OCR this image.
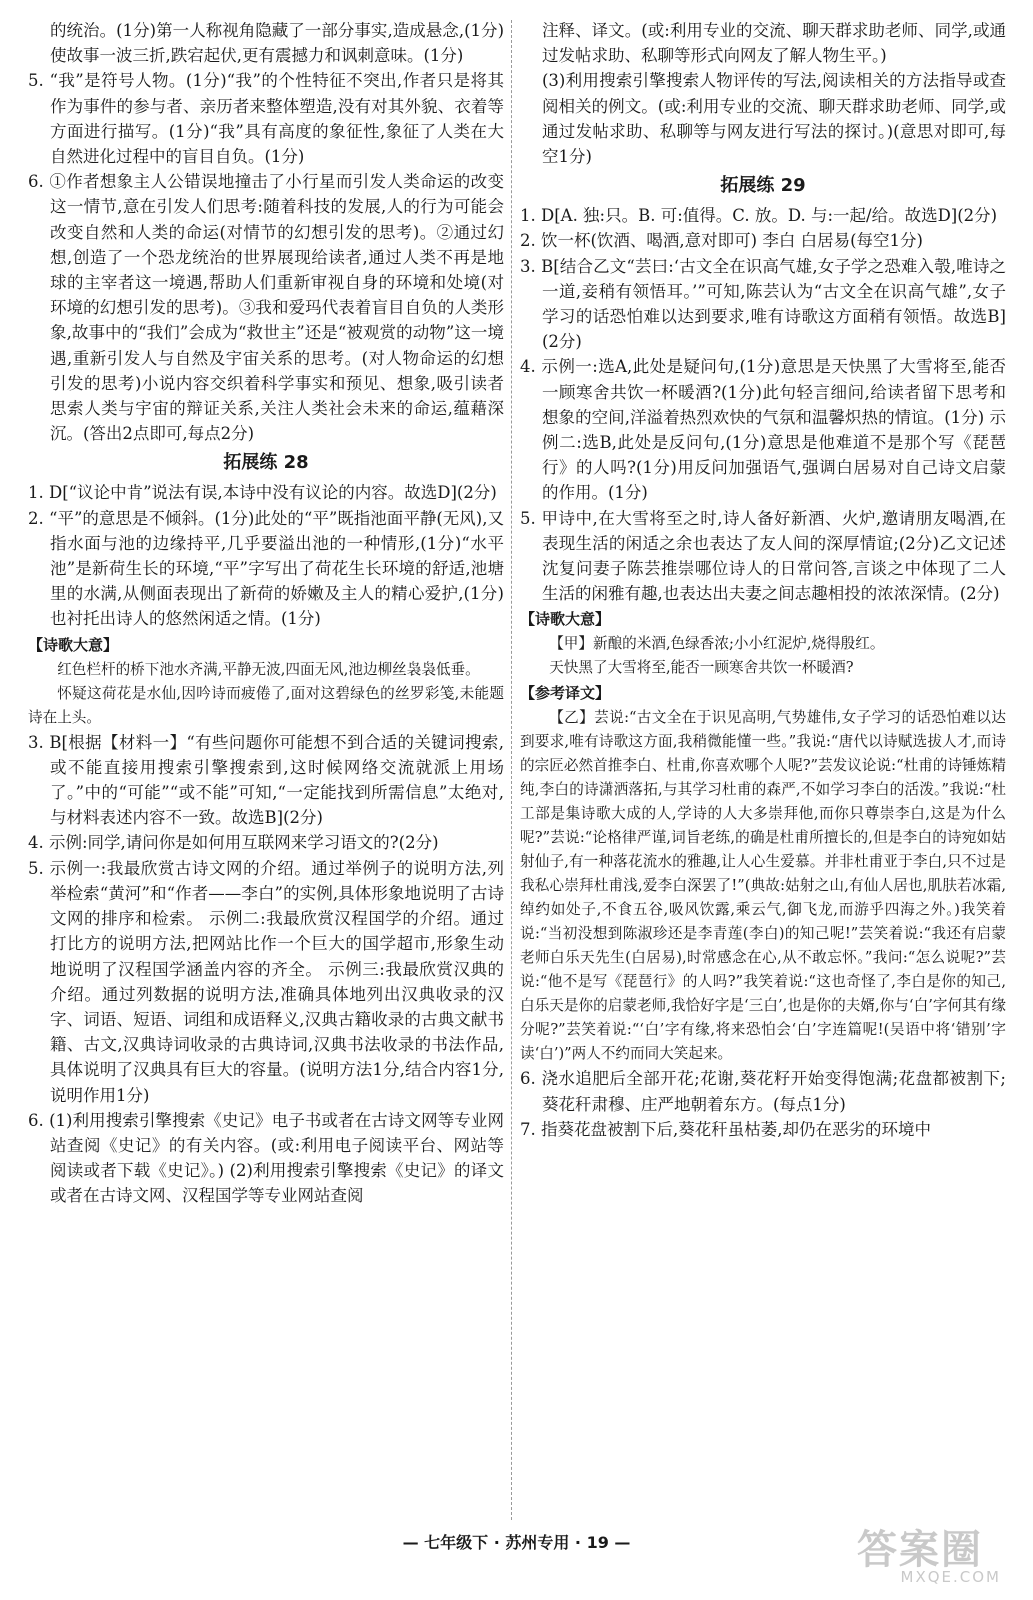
的统治。(1分)第一人称视角隐藏了一部分事实,造成悬念,(1分)使故事一波三折,跌宕起伏,更有震撼力和讽刺意味。(1分)

5. “我”是符号人物。(1分)“我”的个性特征不突出,作者只是将其作为事件的参与者、亲历者来整体塑造,没有对其外貌、衣着等方面进行描写。(1分)“我”具有高度的象征性,象征了人类在大自然进化过程中的盲目自负。(1分)

6. ①作者想象主人公错误地撞击了小行星而引发人类命运的改变这一情节,意在引发人们思考:随着科技的发展,人的行为可能会改变自然和人类的命运(对情节的幻想引发的思考)。②通过幻想,创造了一个恐龙统治的世界展现给读者,通过人类不再是地球的主宰者这一境遇,帮助人们重新审视自身的环境和处境(对环境的幻想引发的思考)。③我和爱玛代表着盲目自负的人类形象,故事中的“我们”会成为“救世主”还是“被观赏的动物”这一境遇,重新引发人与自然及宇宙关系的思考。(对人物命运的幻想引发的思考)小说内容交织着科学事实和预见、想象,吸引读者思索人类与宇宙的辩证关系,关注人类社会未来的命运,蕴藉深沉。(答出2点即可,每点2分)

拓展练 28

1. D[“议论中肯”说法有误,本诗中没有议论的内容。故选D](2分)

2. “平”的意思是不倾斜。(1分)此处的“平”既指池面平静(无风),又指水面与池的边缘持平,几乎要溢出池的一种情形,(1分)“水平池”是新荷生长的环境,“平”字写出了荷花生长环境的舒适,池塘里的水满,从侧面表现出了新荷的娇嫩及主人的精心爱护,(1分)也衬托出诗人的悠然闲适之情。(1分)

【诗歌大意】

红色栏杆的桥下池水齐满,平静无波,四面无风,池边柳丝袅袅低垂。

怀疑这荷花是水仙,因吟诗而疲倦了,面对这碧绿色的丝罗彩笺,未能题诗在上头。

3. B[根据【材料一】“有些问题你可能想不到合适的关键词搜索,或不能直接用搜索引擎搜索到,这时候网络交流就派上用场了。”中的“可能”“或不能”可知,“一定能找到所需信息”太绝对,与材料表述内容不一致。故选B](2分)

4. 示例:同学,请问你是如何用互联网来学习语文的?(2分)

5. 示例一:我最欣赏古诗文网的介绍。通过举例子的说明方法,列举检索“黄河”和“作者——李白”的实例,具体形象地说明了古诗文网的排序和检索。 示例二:我最欣赏汉程国学的介绍。通过打比方的说明方法,把网站比作一个巨大的国学超市,形象生动地说明了汉程国学涵盖内容的齐全。 示例三:我最欣赏汉典的介绍。通过列数据的说明方法,准确具体地列出汉典收录的汉字、词语、短语、词组和成语释义,汉典古籍收录的古典文献书籍、古文,汉典诗词收录的古典诗词,汉典书法收录的书法作品,具体说明了汉典具有巨大的容量。(说明方法1分,结合内容1分,说明作用1分)

6. (1)利用搜索引擎搜索《史记》电子书或者在古诗文网等专业网站查阅《史记》的有关内容。(或:利用电子阅读平台、网站等阅读或者下载《史记》。) (2)利用搜索引擎搜索《史记》的译文或者在古诗文网、汉程国学等专业网站查阅

注释、译文。(或:利用专业的交流、聊天群求助老师、同学,或通过发帖求助、私聊等形式向网友了解人物生平。)

(3)利用搜索引擎搜索人物评传的写法,阅读相关的方法指导或查阅相关的例文。(或:利用专业的交流、聊天群求助老师、同学,或通过发帖求助、私聊等与网友进行写法的探讨。)(意思对即可,每空1分)

拓展练 29

1. D[A. 独:只。B. 可:值得。C. 放。D. 与:一起/给。故选D](2分)

2. 饮一杯(饮酒、喝酒,意对即可) 李白 白居易(每空1分)

3. B[结合乙文“芸曰:‘古文全在识高气雄,女子学之恐难入彀,唯诗之一道,妾稍有领悟耳。’”可知,陈芸认为“古文全在识高气雄”,女子学习的话恐怕难以达到要求,唯有诗歌这方面稍有领悟。故选B](2分)

4. 示例一:选A,此处是疑问句,(1分)意思是天快黑了大雪将至,能否一顾寒舍共饮一杯暖酒?(1分)此句轻言细问,给读者留下思考和想象的空间,洋溢着热烈欢快的气氛和温馨炽热的情谊。(1分) 示例二:选B,此处是反问句,(1分)意思是他难道不是那个写《琵琶行》的人吗?(1分)用反问加强语气,强调白居易对自己诗文启蒙的作用。(1分)

5. 甲诗中,在大雪将至之时,诗人备好新酒、火炉,邀请朋友喝酒,在表现生活的闲适之余也表达了友人间的深厚情谊;(2分)乙文记述沈复问妻子陈芸推崇哪位诗人的日常问答,言谈之中体现了二人生活的闲雅有趣,也表达出夫妻之间志趣相投的浓浓深情。(2分)

【诗歌大意】

【甲】新酿的米酒,色绿香浓;小小红泥炉,烧得殷红。

天快黑了大雪将至,能否一顾寒舍共饮一杯暖酒?

【参考译文】

【乙】芸说:“古文全在于识见高明,气势雄伟,女子学习的话恐怕难以达到要求,唯有诗歌这方面,我稍微能懂一些。”我说:“唐代以诗赋选拔人才,而诗的宗匠必然首推李白、杜甫,你喜欢哪个人呢?”芸发议论说:“杜甫的诗锤炼精纯,李白的诗潇洒落拓,与其学习杜甫的森严,不如学习李白的活泼。”我说:“杜工部是集诗歌大成的人,学诗的人大多崇拜他,而你只尊崇李白,这是为什么呢?”芸说:“论格律严谨,词旨老练,的确是杜甫所擅长的,但是李白的诗宛如姑射仙子,有一种落花流水的雅趣,让人心生爱慕。并非杜甫亚于李白,只不过是我私心崇拜杜甫浅,爱李白深罢了!”(典故:姑射之山,有仙人居也,肌肤若冰霜,绰约如处子,不食五谷,吸风饮露,乘云气,御飞龙,而游乎四海之外。)我笑着说:“当初没想到陈淑珍还是李青莲(李白)的知己呢!”芸笑着说:“我还有启蒙老师白乐天先生(白居易),时常感念在心,从不敢忘怀。”我问:“怎么说呢?”芸说:“他不是写《琵琶行》的人吗?”我笑着说:“这也奇怪了,李白是你的知己,白乐天是你的启蒙老师,我恰好字是‘三白’,也是你的夫婿,你与‘白’字何其有缘分呢?”芸笑着说:“‘白’字有缘,将来恐怕会‘白’字连篇呢!(吴语中将‘错别’字读‘白’)”两人不约而同大笑起来。

6. 浇水追肥后全部开花;花谢,葵花籽开始变得饱满;花盘都被割下;葵花秆肃穆、庄严地朝着东方。(每点1分)

7. 指葵花盘被割下后,葵花秆虽枯萎,却仍在恶劣的环境中

— 七年级下 · 苏州专用 · 19 —	答案圈
MXQE.COM
